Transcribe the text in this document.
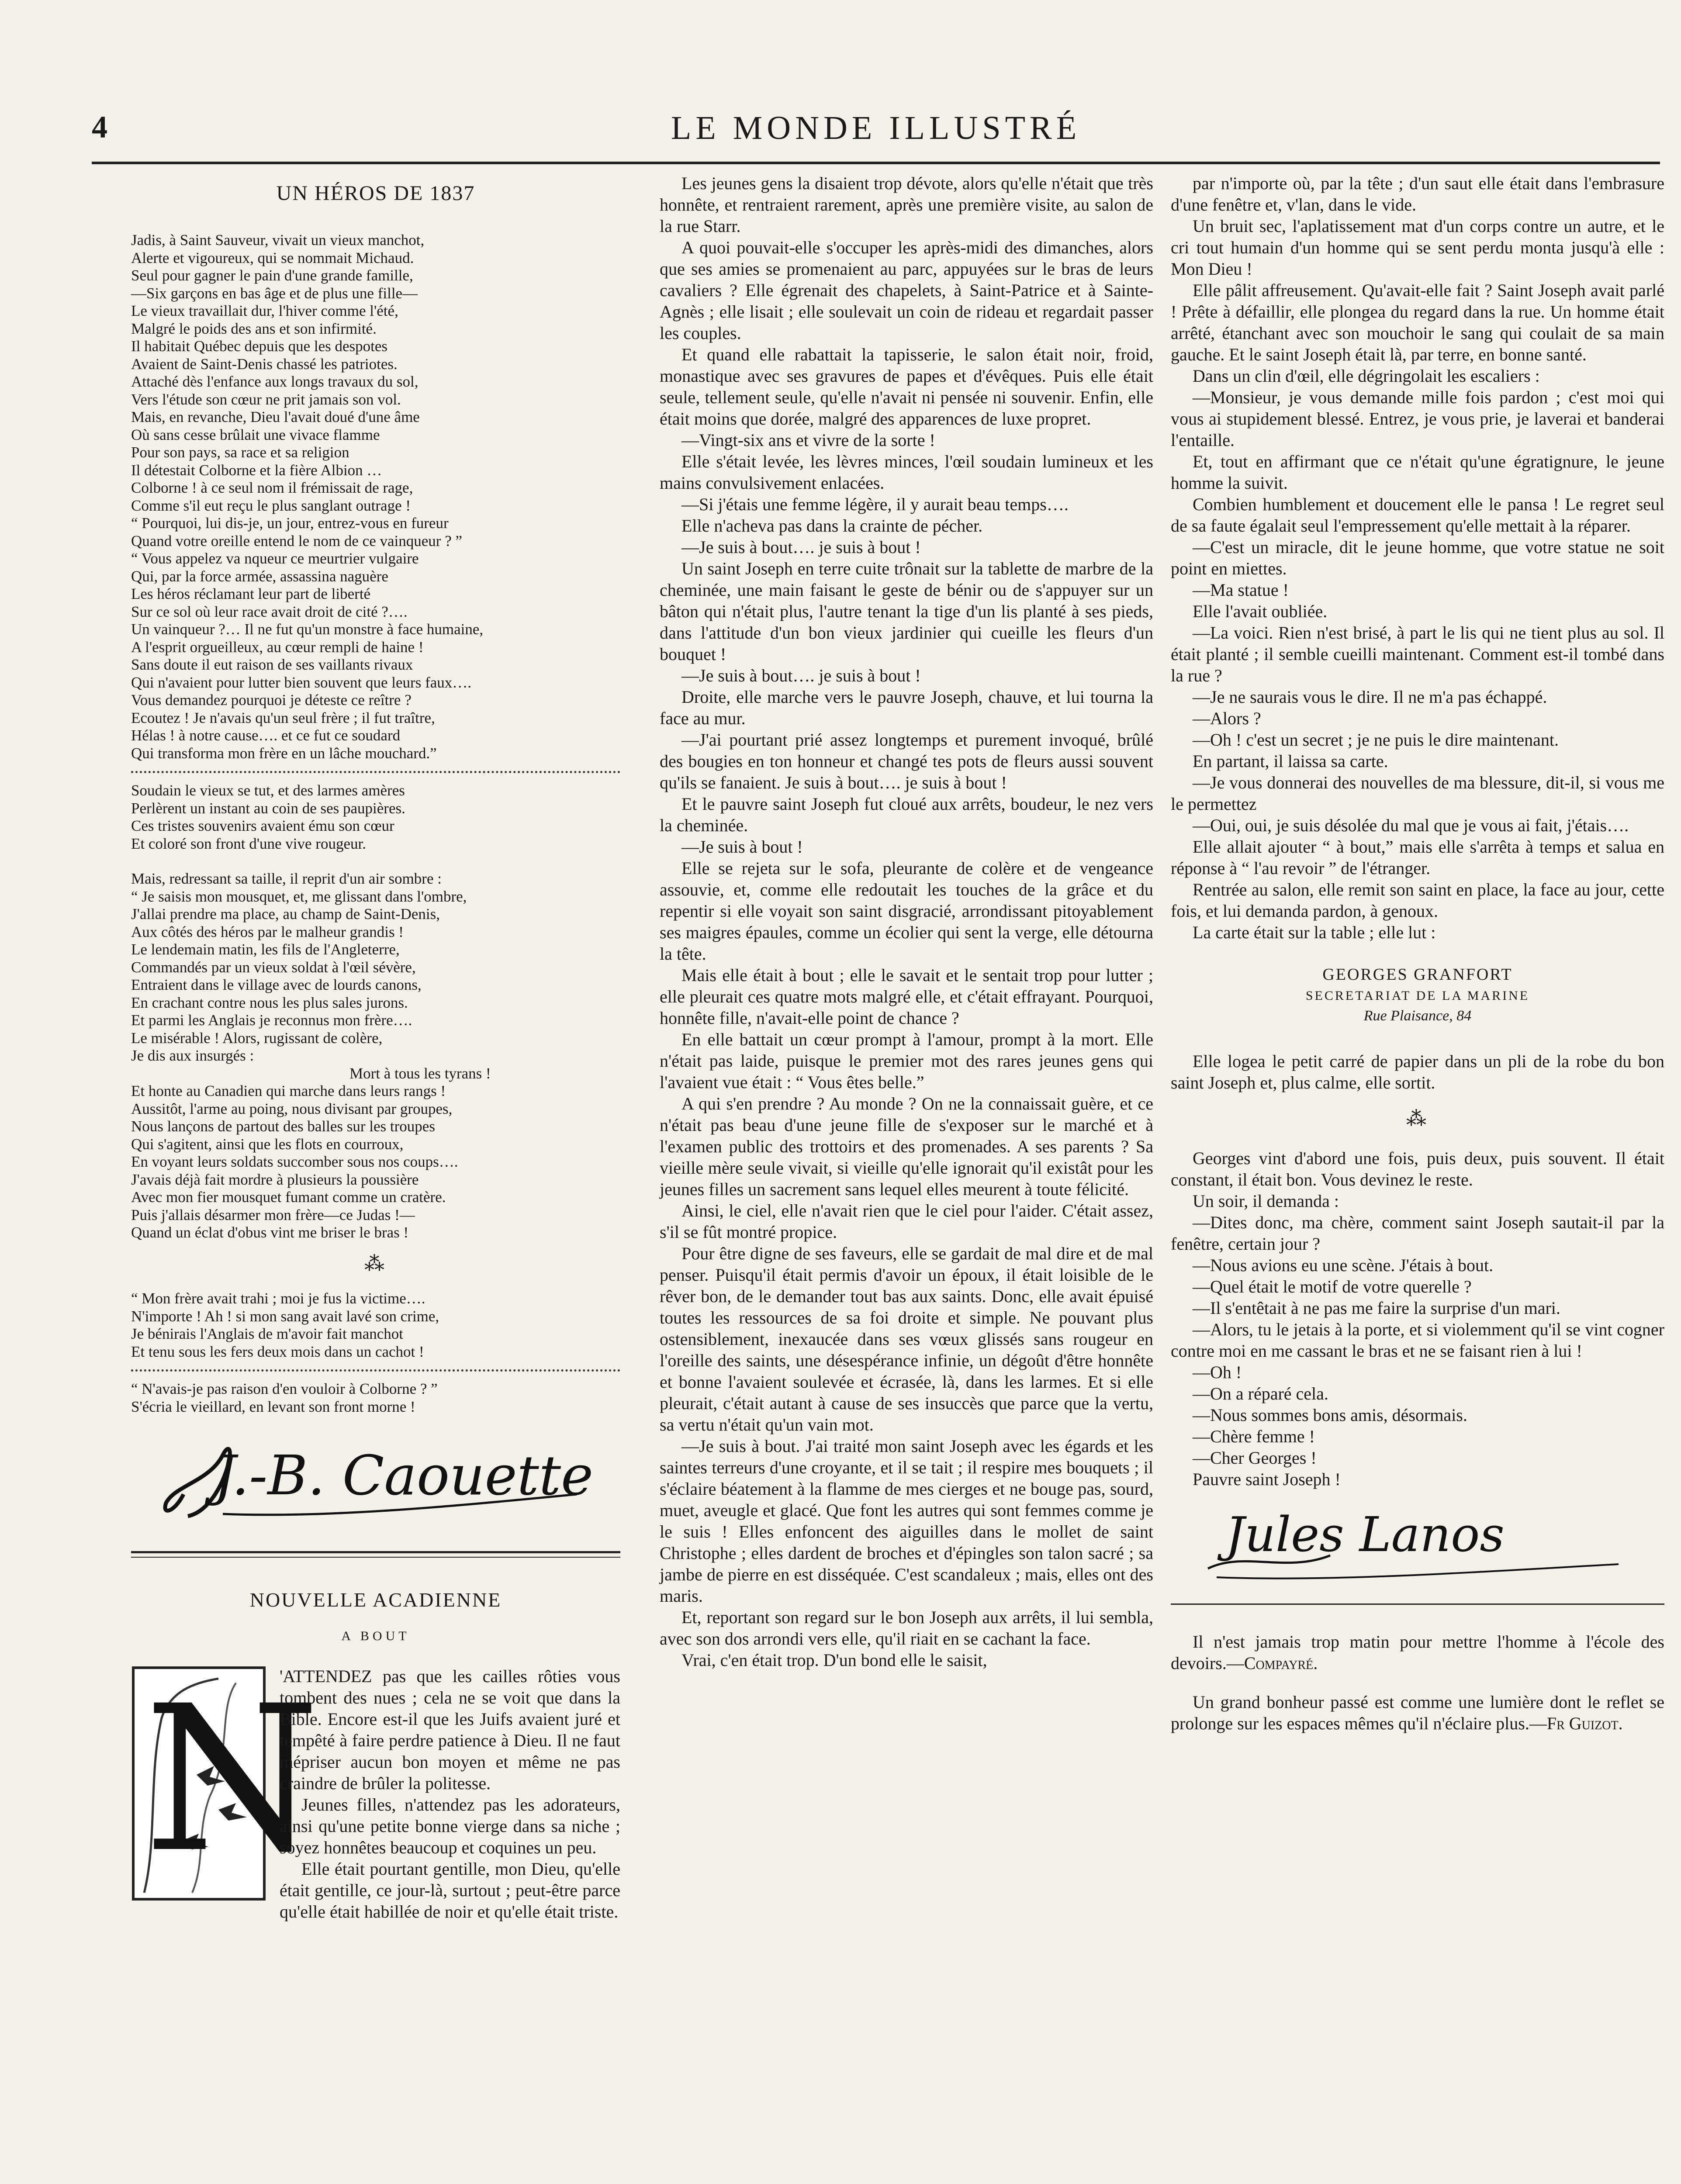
4	LE MONDE ILLUSTRÉ
UN HÉROS DE 1837

Jadis, à Saint Sauveur, vivait un vieux manchot,

Alerte et vigoureux, qui se nommait Michaud.

Seul pour gagner le pain d'une grande famille,

—Six garçons en bas âge et de plus une fille—

Le vieux travaillait dur, l'hiver comme l'été,

Malgré le poids des ans et son infirmité.

Il habitait Québec depuis que les despotes

Avaient de Saint-Denis chassé les patriotes.

Attaché dès l'enfance aux longs travaux du sol,

Vers l'étude son cœur ne prit jamais son vol.

Mais, en revanche, Dieu l'avait doué d'une âme

Où sans cesse brûlait une vivace flamme

Pour son pays, sa race et sa religion

Il détestait Colborne et la fière Albion …

Colborne ! à ce seul nom il frémissait de rage,

Comme s'il eut reçu le plus sanglant outrage !

“ Pourquoi, lui dis-je, un jour, entrez-vous en fureur

Quand votre oreille entend le nom de ce vainqueur ? ”

“ Vous appelez va nqueur ce meurtrier vulgaire

Qui, par la force armée, assassina naguère

Les héros réclamant leur part de liberté

Sur ce sol où leur race avait droit de cité ?….

Un vainqueur ?… Il ne fut qu'un monstre à face humaine,

A l'esprit orgueilleux, au cœur rempli de haine !

Sans doute il eut raison de ses vaillants rivaux

Qui n'avaient pour lutter bien souvent que leurs faux….

Vous demandez pourquoi je déteste ce reître ?

Ecoutez ! Je n'avais qu'un seul frère ; il fut traître,

Hélas ! à notre cause…. et ce fut ce soudard

Qui transforma mon frère en un lâche mouchard.”

Soudain le vieux se tut, et des larmes amères

Perlèrent un instant au coin de ses paupières.

Ces tristes souvenirs avaient ému son cœur

Et coloré son front d'une vive rougeur.

Mais, redressant sa taille, il reprit d'un air sombre :

“ Je saisis mon mousquet, et, me glissant dans l'ombre,

J'allai prendre ma place, au champ de Saint-Denis,

Aux côtés des héros par le malheur grandis !

Le lendemain matin, les fils de l'Angleterre,

Commandés par un vieux soldat à l'œil sévère,

Entraient dans le village avec de lourds canons,

En crachant contre nous les plus sales jurons.

Et parmi les Anglais je reconnus mon frère….

Le misérable ! Alors, rugissant de colère,

Je dis aux insurgés :

Mort à tous les tyrans !

Et honte au Canadien qui marche dans leurs rangs !

Aussitôt, l'arme au poing, nous divisant par groupes,

Nous lançons de partout des balles sur les troupes

Qui s'agitent, ainsi que les flots en courroux,

En voyant leurs soldats succomber sous nos coups….

J'avais déjà fait mordre à plusieurs la poussière

Avec mon fier mousquet fumant comme un cratère.

Puis j'allais désarmer mon frère—ce Judas !—

Quand un éclat d'obus vint me briser le bras !

⁂

“ Mon frère avait trahi ; moi je fus la victime….

N'importe ! Ah ! si mon sang avait lavé son crime,

Je bénirais l'Anglais de m'avoir fait manchot

Et tenu sous les fers deux mois dans un cachot !

“ N'avais-je pas raison d'en vouloir à Colborne ? ”

S'écria le vieillard, en levant son front morne !

J.-B. Caouette
NOUVELLE ACADIENNE
A BOUT
N

'ATTENDEZ pas que les cailles rôties vous tombent des nues ; cela ne se voit que dans la Bible. Encore est-il que les Juifs avaient juré et tempêté à faire perdre patience à Dieu. Il ne faut mépriser aucun bon moyen et même ne pas craindre de brûler la politesse.

Jeunes filles, n'attendez pas les adorateurs, ainsi qu'une petite bonne vierge dans sa niche ; soyez honnêtes beaucoup et coquines un peu.

Elle était pourtant gentille, mon Dieu, qu'elle était gentille, ce jour-là, surtout ; peut-être parce qu'elle était habillée de noir et qu'elle était triste.

Les jeunes gens la disaient trop dévote, alors qu'elle n'était que très honnête, et rentraient rarement, après une première visite, au salon de la rue Starr.

A quoi pouvait-elle s'occuper les après-midi des dimanches, alors que ses amies se promenaient au parc, appuyées sur le bras de leurs cavaliers ? Elle égrenait des chapelets, à Saint-Patrice et à Sainte-Agnès ; elle lisait ; elle soulevait un coin de rideau et regardait passer les couples.

Et quand elle rabattait la tapisserie, le salon était noir, froid, monastique avec ses gravures de papes et d'évêques. Puis elle était seule, tellement seule, qu'elle n'avait ni pensée ni souvenir. Enfin, elle était moins que dorée, malgré des apparences de luxe propret.

—Vingt-six ans et vivre de la sorte !

Elle s'était levée, les lèvres minces, l'œil soudain lumineux et les mains convulsivement enlacées.

—Si j'étais une femme légère, il y aurait beau temps….

Elle n'acheva pas dans la crainte de pécher.

—Je suis à bout…. je suis à bout !

Un saint Joseph en terre cuite trônait sur la tablette de marbre de la cheminée, une main faisant le geste de bénir ou de s'appuyer sur un bâton qui n'était plus, l'autre tenant la tige d'un lis planté à ses pieds, dans l'attitude d'un bon vieux jardinier qui cueille les fleurs d'un bouquet !

—Je suis à bout…. je suis à bout !

Droite, elle marche vers le pauvre Joseph, chauve, et lui tourna la face au mur.

—J'ai pourtant prié assez longtemps et purement invoqué, brûlé des bougies en ton honneur et changé tes pots de fleurs aussi souvent qu'ils se fanaient. Je suis à bout…. je suis à bout !

Et le pauvre saint Joseph fut cloué aux arrêts, boudeur, le nez vers la cheminée.

—Je suis à bout !

Elle se rejeta sur le sofa, pleurante de colère et de vengeance assouvie, et, comme elle redoutait les touches de la grâce et du repentir si elle voyait son saint disgracié, arrondissant pitoyablement ses maigres épaules, comme un écolier qui sent la verge, elle détourna la tête.

Mais elle était à bout ; elle le savait et le sentait trop pour lutter ; elle pleurait ces quatre mots malgré elle, et c'était effrayant. Pourquoi, honnête fille, n'avait-elle point de chance ?

En elle battait un cœur prompt à l'amour, prompt à la mort. Elle n'était pas laide, puisque le premier mot des rares jeunes gens qui l'avaient vue était : “ Vous êtes belle.”

A qui s'en prendre ? Au monde ? On ne la connaissait guère, et ce n'était pas beau d'une jeune fille de s'exposer sur le marché et à l'examen public des trottoirs et des promenades. A ses parents ? Sa vieille mère seule vivait, si vieille qu'elle ignorait qu'il existât pour les jeunes filles un sacrement sans lequel elles meurent à toute félicité.

Ainsi, le ciel, elle n'avait rien que le ciel pour l'aider. C'était assez, s'il se fût montré propice.

Pour être digne de ses faveurs, elle se gardait de mal dire et de mal penser. Puisqu'il était permis d'avoir un époux, il était loisible de le rêver bon, de le demander tout bas aux saints. Donc, elle avait épuisé toutes les ressources de sa foi droite et simple. Ne pouvant plus ostensiblement, inexaucée dans ses vœux glissés sans rougeur en l'oreille des saints, une désespérance infinie, un dégoût d'être honnête et bonne l'avaient soulevée et écrasée, là, dans les larmes. Et si elle pleurait, c'était autant à cause de ses insuccès que parce que la vertu, sa vertu n'était qu'un vain mot.

—Je suis à bout. J'ai traité mon saint Joseph avec les égards et les saintes terreurs d'une croyante, et il se tait ; il respire mes bouquets ; il s'éclaire béatement à la flamme de mes cierges et ne bouge pas, sourd, muet, aveugle et glacé. Que font les autres qui sont femmes comme je le suis ! Elles enfoncent des aiguilles dans le mollet de saint Christophe ; elles dardent de broches et d'épingles son talon sacré ; sa jambe de pierre en est disséquée. C'est scandaleux ; mais, elles ont des maris.

Et, reportant son regard sur le bon Joseph aux arrêts, il lui sembla, avec son dos arrondi vers elle, qu'il riait en se cachant la face.

Vrai, c'en était trop. D'un bond elle le saisit,

par n'importe où, par la tête ; d'un saut elle était dans l'embrasure d'une fenêtre et, v'lan, dans le vide.

Un bruit sec, l'aplatissement mat d'un corps contre un autre, et le cri tout humain d'un homme qui se sent perdu monta jusqu'à elle : Mon Dieu !

Elle pâlit affreusement. Qu'avait-elle fait ? Saint Joseph avait parlé ! Prête à défaillir, elle plongea du regard dans la rue. Un homme était arrêté, étanchant avec son mouchoir le sang qui coulait de sa main gauche. Et le saint Joseph était là, par terre, en bonne santé.

Dans un clin d'œil, elle dégringolait les escaliers :

—Monsieur, je vous demande mille fois pardon ; c'est moi qui vous ai stupidement blessé. Entrez, je vous prie, je laverai et banderai l'entaille.

Et, tout en affirmant que ce n'était qu'une égratignure, le jeune homme la suivit.

Combien humblement et doucement elle le pansa ! Le regret seul de sa faute égalait seul l'empressement qu'elle mettait à la réparer.

—C'est un miracle, dit le jeune homme, que votre statue ne soit point en miettes.

—Ma statue !

Elle l'avait oubliée.

—La voici. Rien n'est brisé, à part le lis qui ne tient plus au sol. Il était planté ; il semble cueilli maintenant. Comment est-il tombé dans la rue ?

—Je ne saurais vous le dire. Il ne m'a pas échappé.

—Alors ?

—Oh ! c'est un secret ; je ne puis le dire maintenant.

En partant, il laissa sa carte.

—Je vous donnerai des nouvelles de ma blessure, dit-il, si vous me le permettez

—Oui, oui, je suis désolée du mal que je vous ai fait, j'étais….

Elle allait ajouter “ à bout,” mais elle s'arrêta à temps et salua en réponse à “ l'au revoir ” de l'étranger.

Rentrée au salon, elle remit son saint en place, la face au jour, cette fois, et lui demanda pardon, à genoux.

La carte était sur la table ; elle lut :

GEORGES GRANFORT
SECRETARIAT DE LA MARINE
Rue Plaisance, 84

Elle logea le petit carré de papier dans un pli de la robe du bon saint Joseph et, plus calme, elle sortit.

⁂

Georges vint d'abord une fois, puis deux, puis souvent. Il était constant, il était bon. Vous devinez le reste.

Un soir, il demanda :

—Dites donc, ma chère, comment saint Joseph sautait-il par la fenêtre, certain jour ?

—Nous avions eu une scène. J'étais à bout.

—Quel était le motif de votre querelle ?

—Il s'entêtait à ne pas me faire la surprise d'un mari.

—Alors, tu le jetais à la porte, et si violemment qu'il se vint cogner contre moi en me cassant le bras et ne se faisant rien à lui !

—Oh !

—On a réparé cela.

—Nous sommes bons amis, désormais.

—Chère femme !

—Cher Georges !

Pauvre saint Joseph !

Jules Lanos

Il n'est jamais trop matin pour mettre l'homme à l'école des devoirs.—Compayré.

Un grand bonheur passé est comme une lumière dont le reflet se prolonge sur les espaces mêmes qu'il n'éclaire plus.—Fr Guizot.
